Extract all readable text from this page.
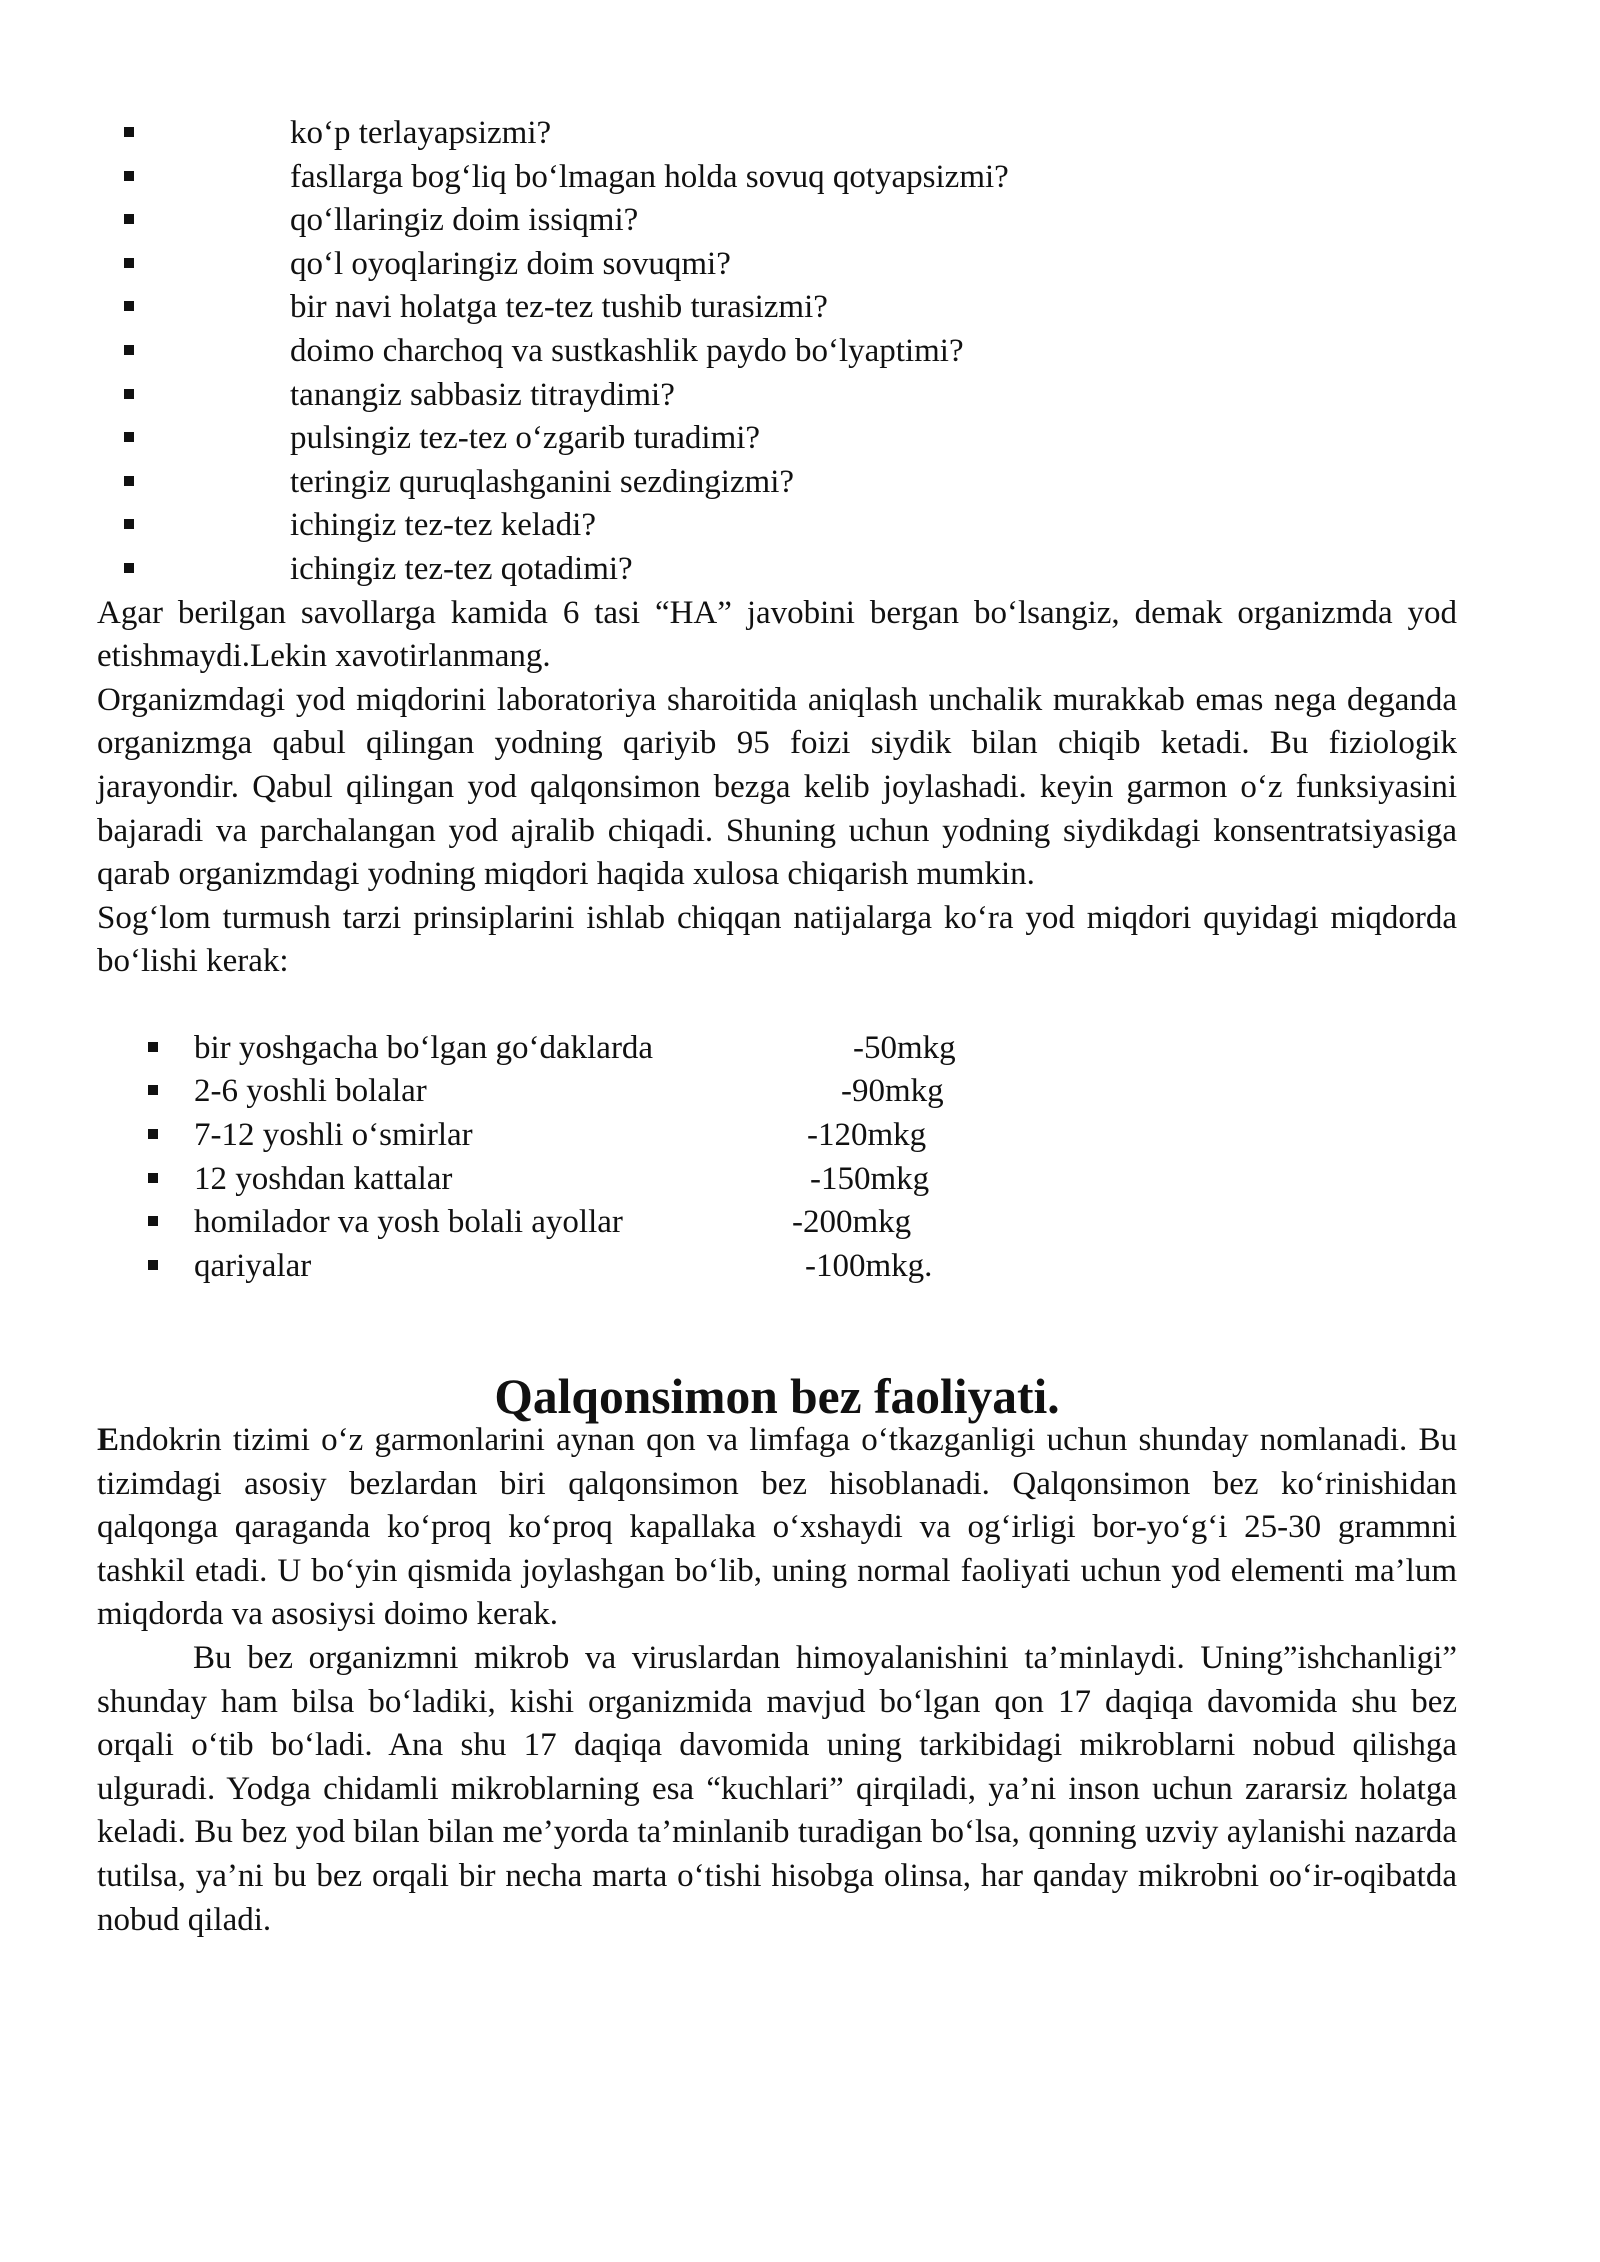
ko‘p terlayapsizmi?
fasllarga bog‘liq bo‘lmagan holda sovuq qotyapsizmi?
qo‘llaringiz doim issiqmi?
qo‘l oyoqlaringiz doim sovuqmi?
bir navi holatga tez-tez tushib turasizmi?
doimo charchoq va sustkashlik paydo bo‘lyaptimi?
tanangiz sabbasiz titraydimi?
pulsingiz tez-tez o‘zgarib turadimi?
teringiz quruqlashganini sezdingizmi?
ichingiz tez-tez keladi?
ichingiz tez-tez qotadimi?

Agar berilgan savollarga kamida 6 tasi “HA” javobini bergan bo‘lsangiz, demak organizmda yod etishmaydi.Lekin xavotirlanmang.

Organizmdagi yod miqdorini laboratoriya sharoitida aniqlash unchalik murakkab emas nega deganda organizmga qabul qilingan yodning qariyib 95 foizi siydik bilan chiqib ketadi. Bu fiziologik jarayondir. Qabul qilingan yod qalqonsimon bezga kelib joylashadi. keyin garmon o‘z funksiyasini bajaradi va parchalangan yod ajralib chiqadi. Shuning uchun yodning siydikdagi konsentratsiyasiga qarab organizmdagi yodning miqdori haqida xulosa chiqarish mumkin.

Sog‘lom turmush tarzi prinsiplarini ishlab chiqqan natijalarga ko‘ra yod miqdori quyidagi miqdorda bo‘lishi kerak:

bir yoshgacha bo‘lgan go‘daklarda	-50mkg
2-6 yoshli bolalar	-90mkg
7-12 yoshli o‘smirlar	-120mkg
12 yoshdan kattalar	-150mkg
homilador va yosh bolali ayollar	-200mkg
qariyalar	-100mkg.
Qalqonsimon bez faoliyati.

Endokrin tizimi o‘z garmonlarini aynan qon va limfaga o‘tkazganligi uchun shunday nomlanadi. Bu tizimdagi asosiy bezlardan biri qalqonsimon bez hisoblanadi. Qalqonsimon bez ko‘rinishidan qalqonga qaraganda ko‘proq ko‘proq kapallaka o‘xshaydi va og‘irligi bor-yo‘g‘i 25-30 grammni tashkil etadi. U bo‘yin qismida joylashgan bo‘lib, uning normal faoliyati uchun yod elementi ma’lum miqdorda va asosiysi doimo kerak.

Bu bez organizmni mikrob va viruslardan himoyalanishini ta’minlaydi. Uning”ishchanligi” shunday ham bilsa bo‘ladiki, kishi organizmida mavjud bo‘lgan qon 17 daqiqa davomida shu bez orqali o‘tib bo‘ladi. Ana shu 17 daqiqa davomida uning tarkibidagi mikroblarni nobud qilishga ulguradi. Yodga chidamli mikroblarning esa “kuchlari” qirqiladi, ya’ni inson uchun zararsiz holatga keladi. Bu bez yod bilan bilan me’yorda ta’minlanib turadigan bo‘lsa, qonning uzviy aylanishi nazarda tutilsa, ya’ni bu bez orqali bir necha marta o‘tishi hisobga olinsa, har qanday mikrobni oo‘ir-oqibatda nobud qiladi.
